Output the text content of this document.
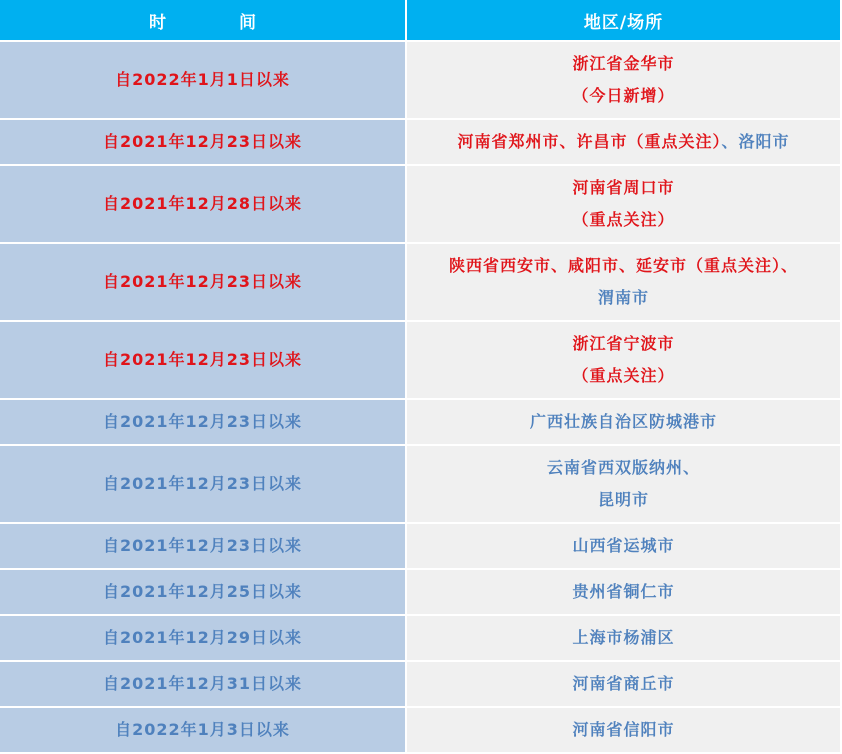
时　间	地区/场所
自2022年1月1日以来	浙江省金华市
（今日新增）

自2021年12月23日以来	河南省郑州市、许昌市（重点关注）、洛阳市
自2021年12月28日以来	河南省周口市
（重点关注）

自2021年12月23日以来	陕西省西安市、咸阳市、延安市（重点关注）、
渭南市

自2021年12月23日以来	浙江省宁波市
（重点关注）

自2021年12月23日以来	广西壮族自治区防城港市
自2021年12月23日以来	云南省西双版纳州、
昆明市

自2021年12月23日以来	山西省运城市
自2021年12月25日以来	贵州省铜仁市
自2021年12月29日以来	上海市杨浦区
自2021年12月31日以来	河南省商丘市
自2022年1月3日以来	河南省信阳市
